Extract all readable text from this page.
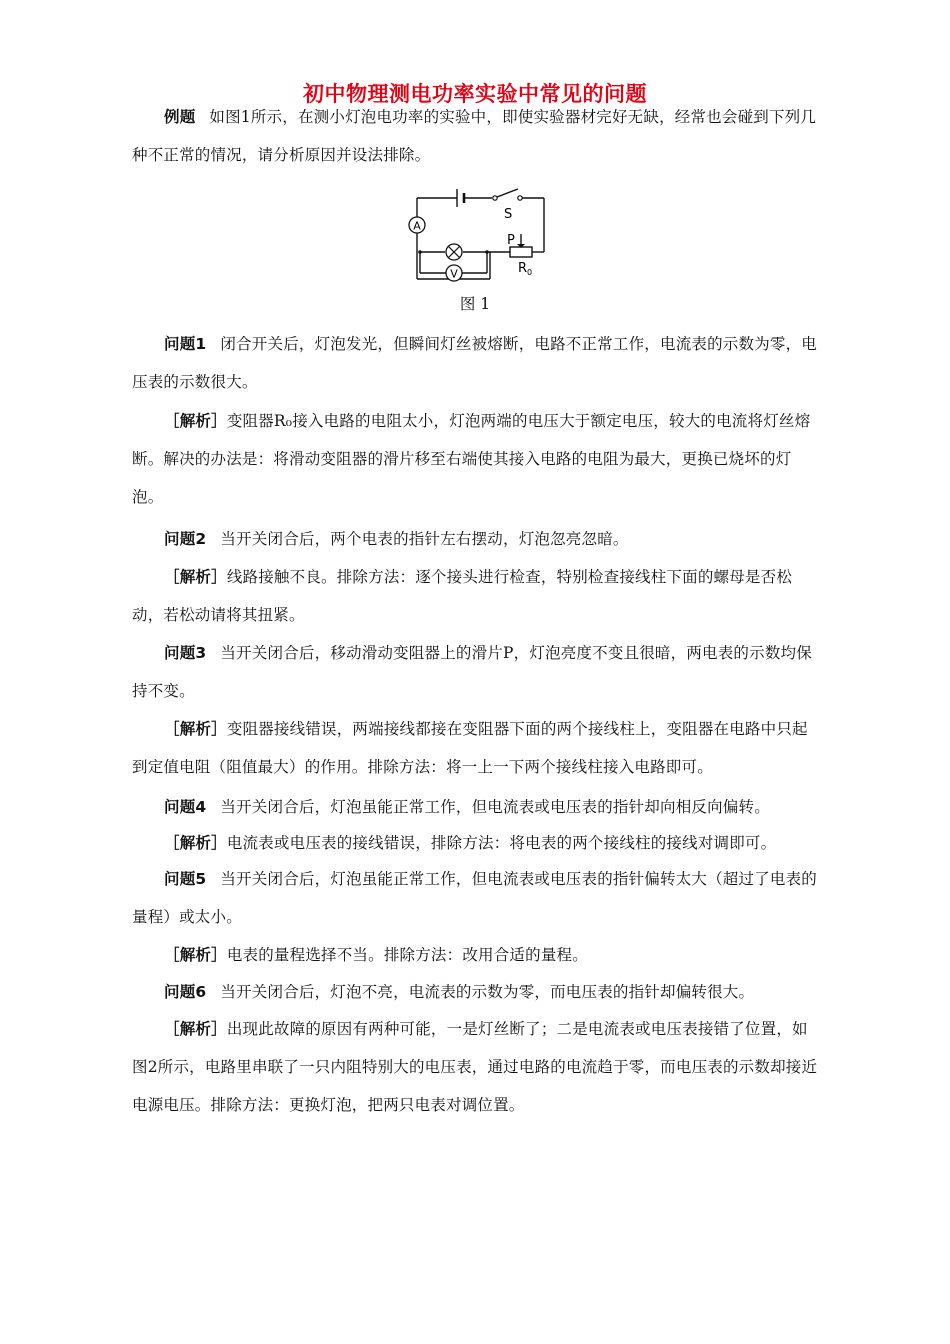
初中物理测电功率实验中常见的问题
例题 如图1所示，在测小灯泡电功率的实验中，即使实验器材完好无缺，经常也会碰到下列几种不正常的情况，请分析原因并设法排除。
A
V
S
P
R 0
图 1
问题1 闭合开关后，灯泡发光，但瞬间灯丝被熔断，电路不正常工作，电流表的示数为零，电压表的示数很大。
［解析］变阻器R₀接入电路的电阻太小，灯泡两端的电压大于额定电压，较大的电流将灯丝熔断。解决的办法是：将滑动变阻器的滑片移至右端使其接入电路的电阻为最大，更换已烧坏的灯泡。
问题2 当开关闭合后，两个电表的指针左右摆动，灯泡忽亮忽暗。
［解析］线路接触不良。排除方法：逐个接头进行检查，特别检查接线柱下面的螺母是否松动，若松动请将其扭紧。
问题3 当开关闭合后，移动滑动变阻器上的滑片P，灯泡亮度不变且很暗，两电表的示数均保持不变。
［解析］变阻器接线错误，两端接线都接在变阻器下面的两个接线柱上，变阻器在电路中只起到定值电阻（阻值最大）的作用。排除方法：将一上一下两个接线柱接入电路即可。
问题4 当开关闭合后，灯泡虽能正常工作，但电流表或电压表的指针却向相反向偏转。
［解析］电流表或电压表的接线错误，排除方法：将电表的两个接线柱的接线对调即可。
问题5 当开关闭合后，灯泡虽能正常工作，但电流表或电压表的指针偏转太大（超过了电表的量程）或太小。
［解析］电表的量程选择不当。排除方法：改用合适的量程。
问题6 当开关闭合后，灯泡不亮，电流表的示数为零，而电压表的指针却偏转很大。
［解析］出现此故障的原因有两种可能，一是灯丝断了；二是电流表或电压表接错了位置，如图2所示，电路里串联了一只内阻特别大的电压表，通过电路的电流趋于零，而电压表的示数却接近电源电压。排除方法：更换灯泡，把两只电表对调位置。
